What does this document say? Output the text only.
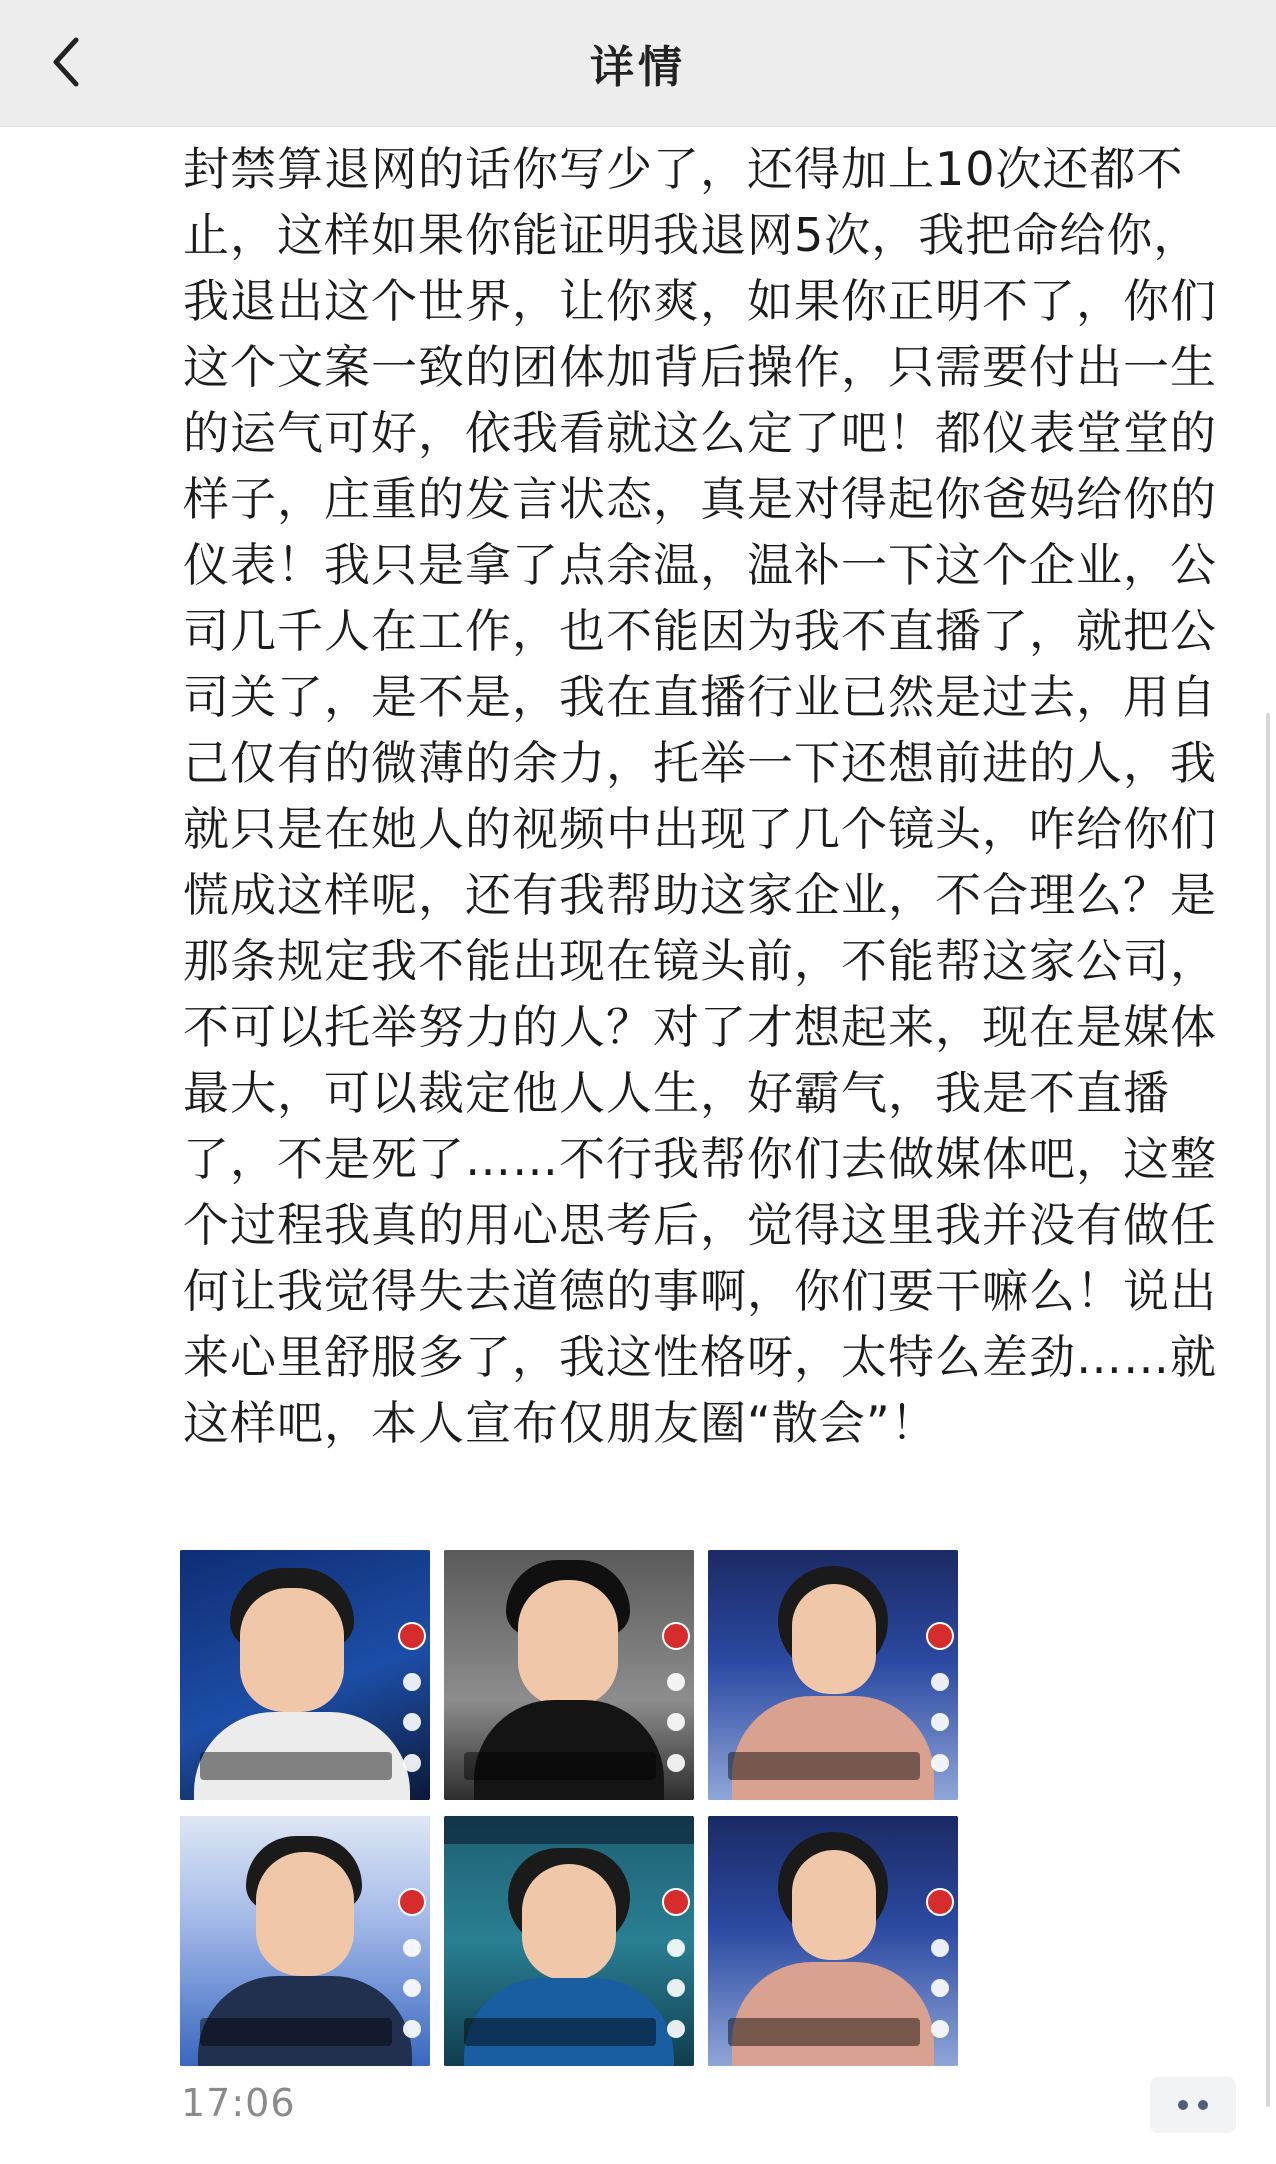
详情

封禁算退网的话你写少了，还得加上10次还都不止，这样如果你能证明我退网5次，我把命给你，我退出这个世界，让你爽，如果你正明不了，你们这个文案一致的团体加背后操作，只需要付出一生的运气可好，依我看就这么定了吧！都仪表堂堂的样子，庄重的发言状态，真是对得起你爸妈给你的仪表！我只是拿了点余温，温补一下这个企业，公司几千人在工作，也不能因为我不直播了，就把公司关了，是不是，我在直播行业已然是过去，用自己仅有的微薄的余力，托举一下还想前进的人，我就只是在她人的视频中出现了几个镜头，咋给你们慌成这样呢，还有我帮助这家企业，不合理么？是那条规定我不能出现在镜头前，不能帮这家公司，不可以托举努力的人？对了才想起来，现在是媒体最大，可以裁定他人人生，好霸气，我是不直播了，不是死了……不行我帮你们去做媒体吧，这整个过程我真的用心思考后，觉得这里我并没有做任何让我觉得失去道德的事啊，你们要干嘛么！说出来心里舒服多了，我这性格呀，太特么差劲……就这样吧，本人宣布仅朋友圈“散会”！

17:06
